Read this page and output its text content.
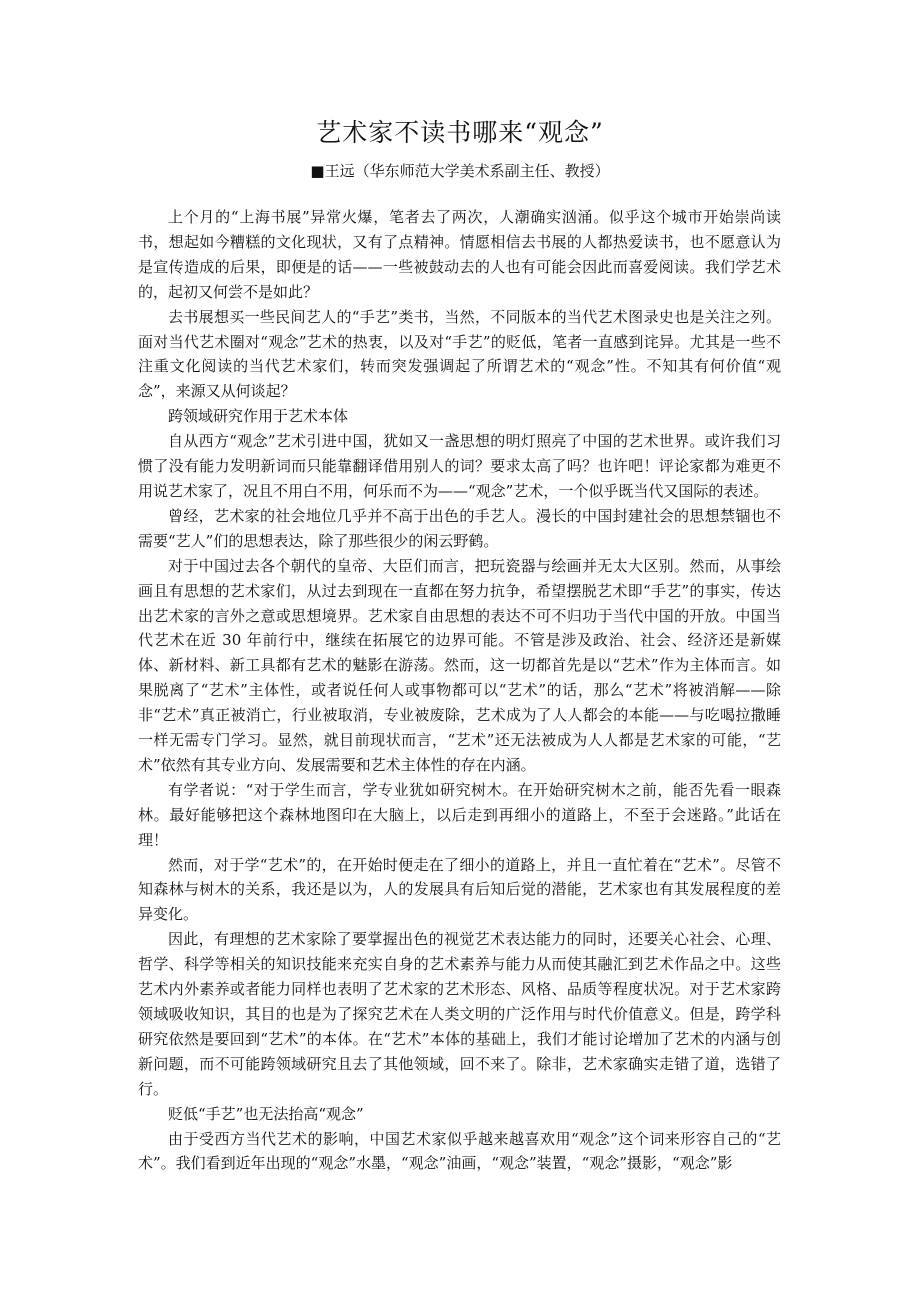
艺术家不读书哪来“观念”
■王远（华东师范大学美术系副主任、教授）

上个月的“上海书展”异常火爆，笔者去了两次，人潮确实汹涌。似乎这个城市开始崇尚读书，想起如今糟糕的文化现状，又有了点精神。情愿相信去书展的人都热爱读书，也不愿意认为是宣传造成的后果，即便是的话——一些被鼓动去的人也有可能会因此而喜爱阅读。我们学艺术的，起初又何尝不是如此？

去书展想买一些民间艺人的“手艺”类书，当然，不同版本的当代艺术图录史也是关注之列。面对当代艺术圈对“观念”艺术的热衷，以及对“手艺”的贬低，笔者一直感到诧异。尤其是一些不注重文化阅读的当代艺术家们，转而突发强调起了所谓艺术的“观念”性。不知其有何价值“观念”，来源又从何谈起？

跨领域研究作用于艺术本体

自从西方“观念”艺术引进中国，犹如又一盏思想的明灯照亮了中国的艺术世界。或许我们习惯了没有能力发明新词而只能靠翻译借用别人的词？要求太高了吗？也许吧！评论家都为难更不用说艺术家了，况且不用白不用，何乐而不为——“观念”艺术，一个似乎既当代又国际的表述。

曾经，艺术家的社会地位几乎并不高于出色的手艺人。漫长的中国封建社会的思想禁锢也不需要“艺人”们的思想表达，除了那些很少的闲云野鹤。

对于中国过去各个朝代的皇帝、大臣们而言，把玩瓷器与绘画并无太大区别。然而，从事绘画且有思想的艺术家们，从过去到现在一直都在努力抗争，希望摆脱艺术即“手艺”的事实，传达出艺术家的言外之意或思想境界。艺术家自由思想的表达不可不归功于当代中国的开放。中国当代艺术在近 30 年前行中，继续在拓展它的边界可能。不管是涉及政治、社会、经济还是新媒体、新材料、新工具都有艺术的魅影在游荡。然而，这一切都首先是以“艺术”作为主体而言。如果脱离了“艺术”主体性，或者说任何人或事物都可以“艺术”的话，那么“艺术”将被消解——除非“艺术”真正被消亡，行业被取消，专业被废除，艺术成为了人人都会的本能——与吃喝拉撒睡一样无需专门学习。显然，就目前现状而言，“艺术”还无法被成为人人都是艺术家的可能，“艺术”依然有其专业方向、发展需要和艺术主体性的存在内涵。

有学者说：“对于学生而言，学专业犹如研究树木。在开始研究树木之前，能否先看一眼森林。最好能够把这个森林地图印在大脑上，以后走到再细小的道路上，不至于会迷路。”此话在理！

然而，对于学“艺术”的，在开始时便走在了细小的道路上，并且一直忙着在“艺术”。尽管不知森林与树木的关系，我还是以为，人的发展具有后知后觉的潜能，艺术家也有其发展程度的差异变化。

因此，有理想的艺术家除了要掌握出色的视觉艺术表达能力的同时，还要关心社会、心理、哲学、科学等相关的知识技能来充实自身的艺术素养与能力从而使其融汇到艺术作品之中。这些艺术内外素养或者能力同样也表明了艺术家的艺术形态、风格、品质等程度状况。对于艺术家跨领域吸收知识，其目的也是为了探究艺术在人类文明的广泛作用与时代价值意义。但是，跨学科研究依然是要回到“艺术”的本体。在“艺术”本体的基础上，我们才能讨论增加了艺术的内涵与创新问题，而不可能跨领域研究且去了其他领域，回不来了。除非，艺术家确实走错了道，选错了行。

贬低“手艺”也无法抬高“观念”

由于受西方当代艺术的影响，中国艺术家似乎越来越喜欢用“观念”这个词来形容自己的“艺术”。我们看到近年出现的“观念”水墨，“观念”油画，“观念”装置，“观念”摄影，“观念”影
